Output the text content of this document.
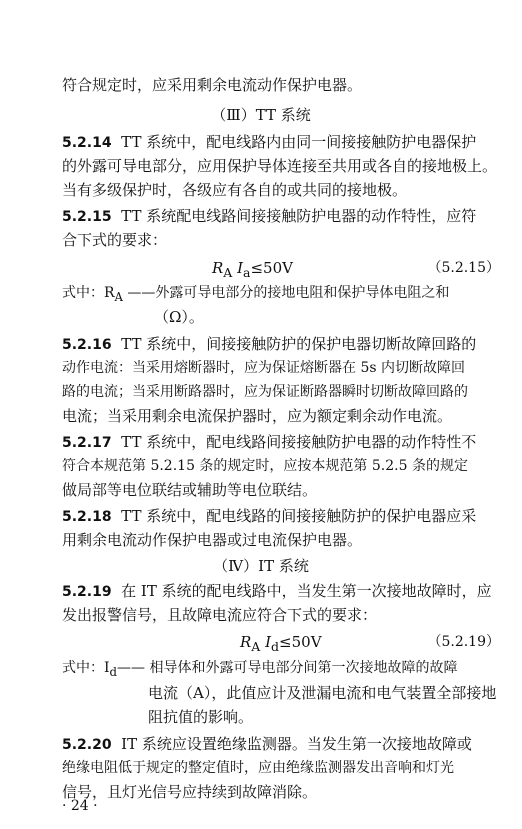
符合规定时，应采用剩余电流动作保护电器。
（Ⅲ）TT 系统
5.2.14 TT 系统中，配电线路内由同一间接接触防护电器保护
的外露可导电部分，应用保护导体连接至共用或各自的接地极上。
当有多级保护时，各级应有各自的或共同的接地极。
5.2.15 TT 系统配电线路间接接触防护电器的动作特性，应符
合下式的要求：
$R_A$ $I_a\le 50V$	（5.2.15）
式中：$R_A$ ——外露可导电部分的接地电阻和保护导体电阻之和
（Ω）。
5.2.16 TT 系统中，间接接触防护的保护电器切断故障回路的
动作电流：当采用熔断器时，应为保证熔断器在 5s 内切断故障回
路的电流；当采用断路器时，应为保证断路器瞬时切断故障回路的
电流；当采用剩余电流保护器时，应为额定剩余动作电流。
5.2.17 TT 系统中，配电线路间接接触防护电器的动作特性不
符合本规范第 5.2.15 条的规定时，应按本规范第 5.2.5 条的规定
做局部等电位联结或辅助等电位联结。
5.2.18 TT 系统中，配电线路的间接接触防护的保护电器应采
用剩余电流动作保护电器或过电流保护电器。
（Ⅳ）IT 系统
5.2.19 在 IT 系统的配电线路中，当发生第一次接地故障时，应
发出报警信号，且故障电流应符合下式的要求：
$R_A$ $I_d\le 50V$	（5.2.19）
式中：$I_d——$ 相导体和外露可导电部分间第一次接地故障的故障
电流（A），此值应计及泄漏电流和电气装置全部接地
阻抗值的影响。
5.2.20 IT 系统应设置绝缘监测器。当发生第一次接地故障或
绝缘电阻低于规定的整定值时，应由绝缘监测器发出音响和灯光
信号，且灯光信号应持续到故障消除。
· 24 ·
